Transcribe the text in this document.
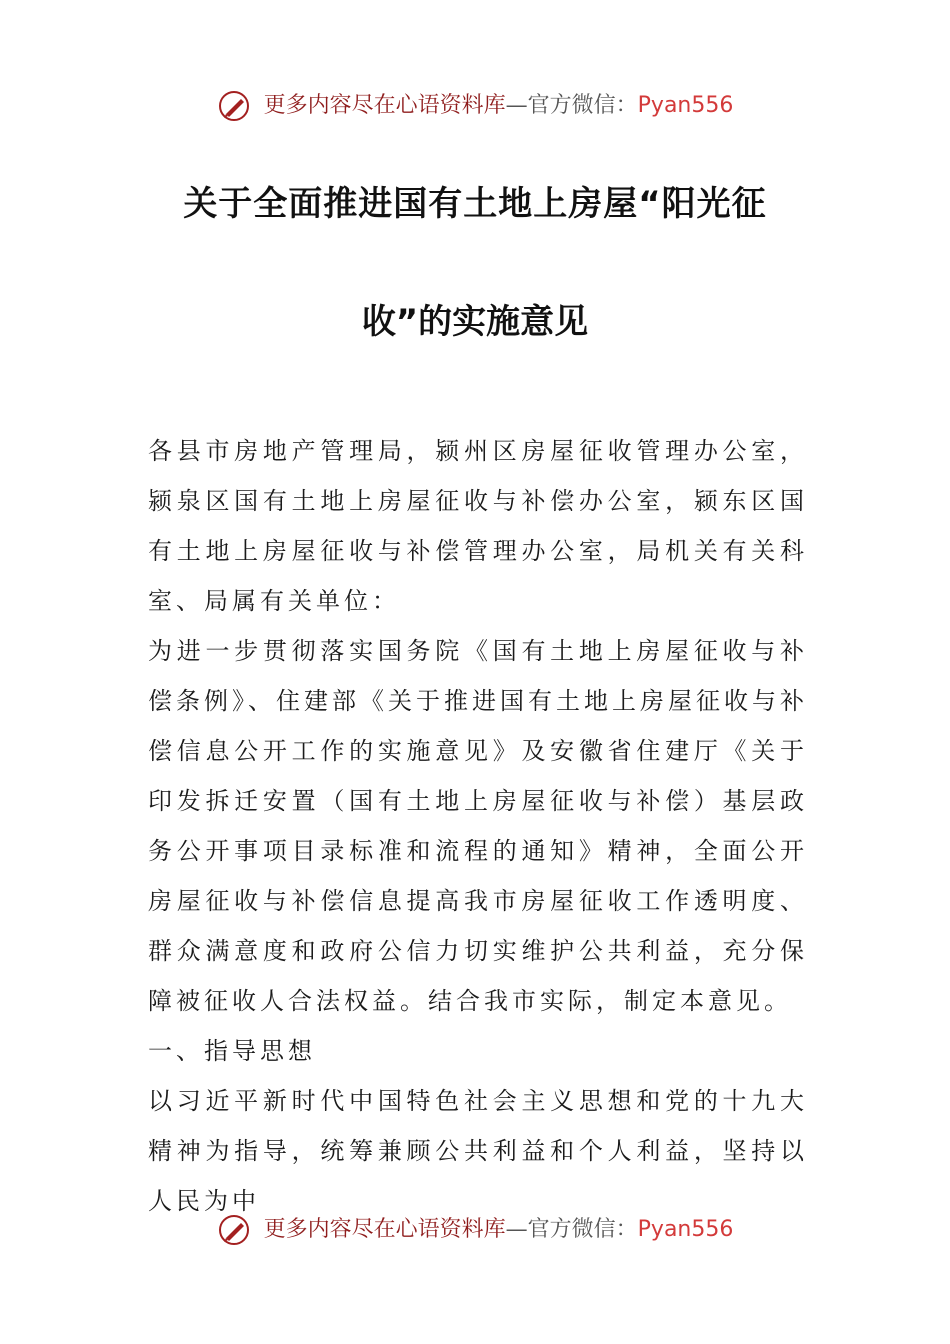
更多内容尽在心语资料库—官方微信：Pyan556
关于全面推进国有土地上房屋“阳光征
收”的实施意见

各县市房地产管理局，颍州区房屋征收管理办公室，颍泉区国有土地上房屋征收与补偿办公室，颍东区国有土地上房屋征收与补偿管理办公室，局机关有关科室、局属有关单位：

为进一步贯彻落实国务院《国有土地上房屋征收与补偿条例》、住建部《关于推进国有土地上房屋征收与补偿信息公开工作的实施意见》及安徽省住建厅《关于印发拆迁安置（国有土地上房屋征收与补偿）基层政务公开事项目录标准和流程的通知》精神，全面公开房屋征收与补偿信息提高我市房屋征收工作透明度、群众满意度和政府公信力切实维护公共利益，充分保障被征收人合法权益。结合我市实际，制定本意见。

一、指导思想

以习近平新时代中国特色社会主义思想和党的十九大精神为指导，统筹兼顾公共利益和个人利益，坚持以人民为中

更多内容尽在心语资料库—官方微信：Pyan556
